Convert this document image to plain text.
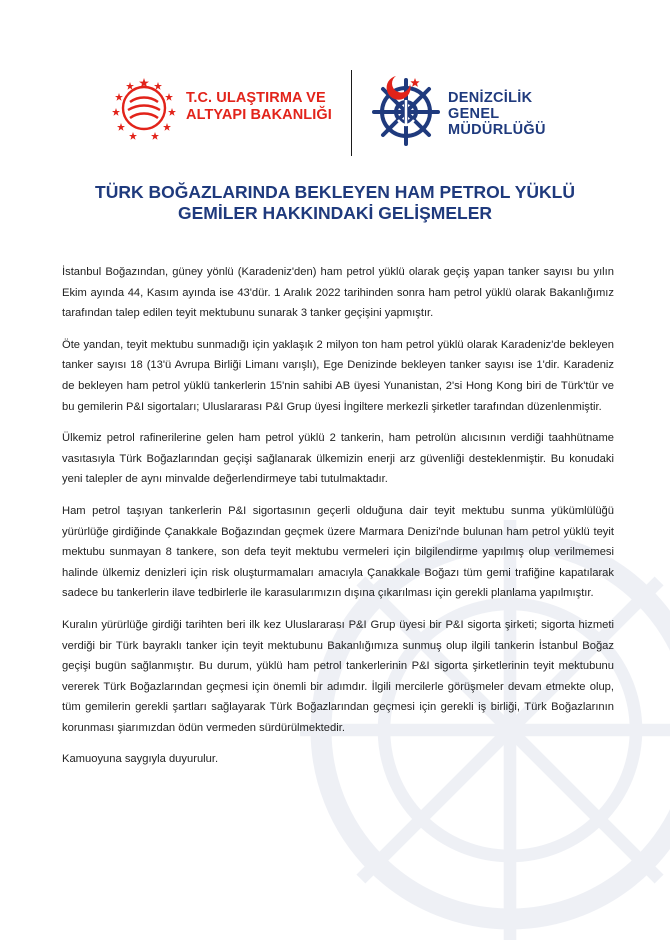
T.C. ULAŞTIRMA VE
ALTYAPI BAKANLIĞI
DENİZCİLİK
GENEL
MÜDÜRLÜĞÜ
TÜRK BOĞAZLARINDA BEKLEYEN HAM PETROL YÜKLÜ
GEMİLER HAKKINDAKİ GELİŞMELER

İstanbul Boğazından, güney yönlü (Karadeniz'den) ham petrol yüklü olarak geçiş yapan tanker sayısı bu yılın Ekim ayında 44, Kasım ayında ise 43'dür. 1 Aralık 2022 tarihinden sonra ham petrol yüklü olarak Bakanlığımız tarafından talep edilen teyit mektubunu sunarak 3 tanker geçişini yapmıştır.

Öte yandan, teyit mektubu sunmadığı için yaklaşık 2 milyon ton ham petrol yüklü olarak Karadeniz'de bekleyen tanker sayısı 18 (13'ü Avrupa Birliği Limanı varışlı), Ege Denizinde bekleyen tanker sayısı ise 1'dir. Karadeniz de bekleyen ham petrol yüklü tankerlerin 15'nin sahibi AB üyesi Yunanistan, 2'si Hong Kong biri de Türk'tür ve bu gemilerin P&I sigortaları; Uluslararası P&I Grup üyesi İngiltere merkezli şirketler tarafından düzenlenmiştir.

Ülkemiz petrol rafinerilerine gelen ham petrol yüklü 2 tankerin, ham petrolün alıcısının verdiği taahhütname vasıtasıyla Türk Boğazlarından geçişi sağlanarak ülkemizin enerji arz güvenliği desteklenmiştir. Bu konudaki yeni talepler de aynı minvalde değerlendirmeye tabi tutulmaktadır.

Ham petrol taşıyan tankerlerin P&I sigortasının geçerli olduğuna dair teyit mektubu sunma yükümlülüğü yürürlüğe girdiğinde Çanakkale Boğazından geçmek üzere Marmara Denizi'nde bulunan ham petrol yüklü teyit mektubu sunmayan 8 tankere, son defa teyit mektubu vermeleri için bilgilendirme yapılmış olup verilmemesi halinde ülkemiz denizleri için risk oluşturmamaları amacıyla Çanakkale Boğazı tüm gemi trafiğine kapatılarak sadece bu tankerlerin ilave tedbirlerle ile karasularımızın dışına çıkarılması için gerekli planlama yapılmıştır.

Kuralın yürürlüğe girdiği tarihten beri ilk kez Uluslararası P&I Grup üyesi bir P&I sigorta şirketi; sigorta hizmeti verdiği bir Türk bayraklı tanker için teyit mektubunu Bakanlığımıza sunmuş olup ilgili tankerin İstanbul Boğaz geçişi bugün sağlanmıştır. Bu durum, yüklü ham petrol tankerlerinin P&I sigorta şirketlerinin teyit mektubunu vererek Türk Boğazlarından geçmesi için önemli bir adımdır. İlgili mercilerle görüşmeler devam etmekte olup, tüm gemilerin gerekli şartları sağlayarak Türk Boğazlarından geçmesi için gerekli iş birliği, Türk Boğazlarının korunması şiarımızdan ödün vermeden sürdürülmektedir.

Kamuoyuna saygıyla duyurulur.
